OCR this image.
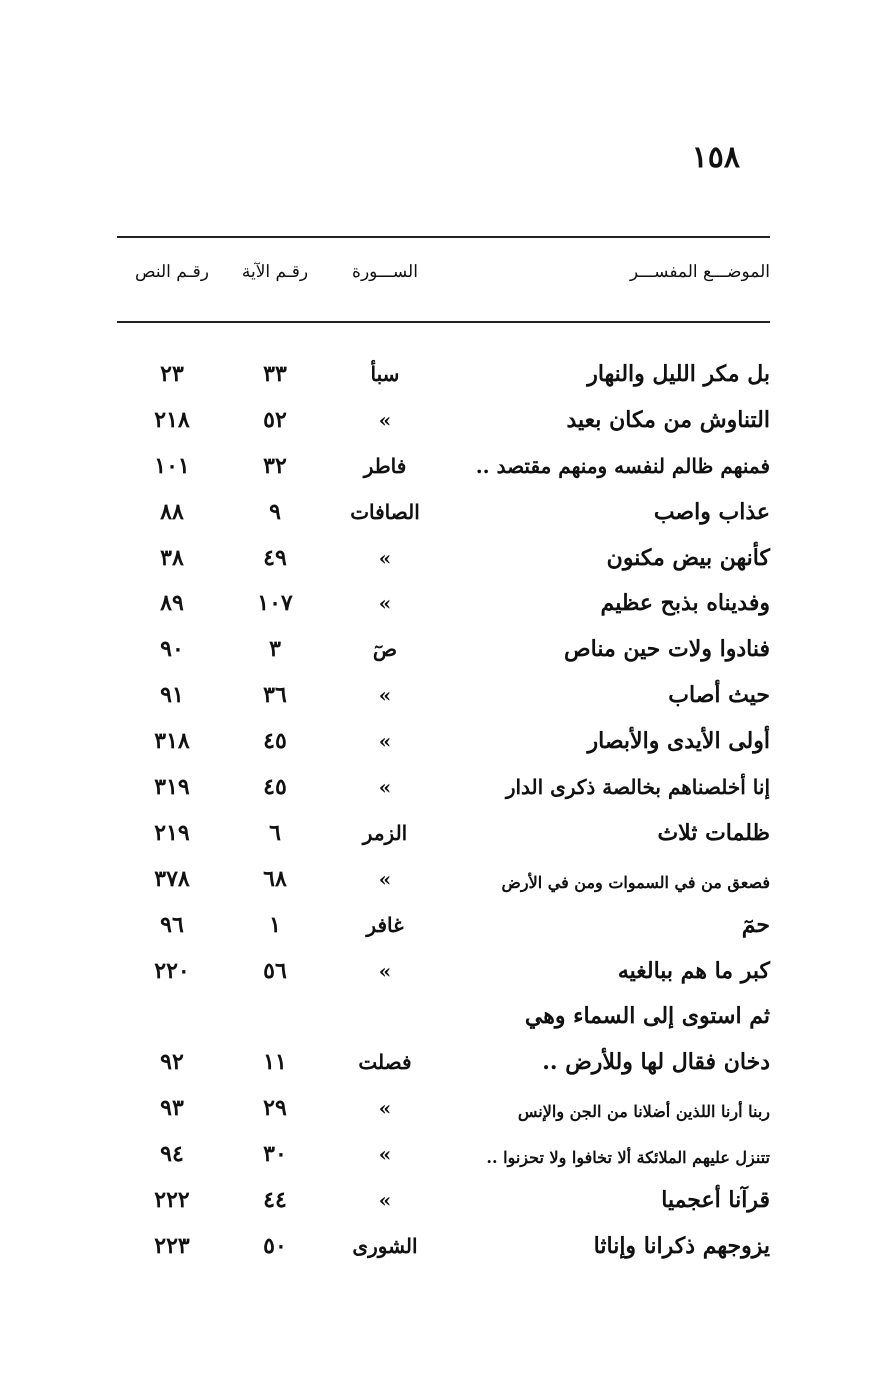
١٥٨
الموضـــع المفســـر
الســـورة
رقـم الآية
رقـم النص
بل مكر الليل والنهار
سبأ
٣٣
٢٣
التناوش من مكان بعيد
»
٥٢
٢١٨
فمنهم ظالم لنفسه ومنهم مقتصد ..
فاطر
٣٢
١٠١
عذاب واصب
الصافات
٩
٨٨
كأنهن بيض مكنون
»
٤٩
٣٨
وفديناه بذبح عظيم
»
١٠٧
٨٩
فنادوا ولات حين مناص
صٓ
٣
٩٠
حيث أصاب
»
٣٦
٩١
أولى الأيدى والأبصار
»
٤٥
٣١٨
إنا أخلصناهم بخالصة ذكرى الدار
»
٤٥
٣١٩
ظلمات ثلاث
الزمر
٦
٢١٩
فصعق من في السموات ومن في الأرض
»
٦٨
٣٧٨
حمٓ
غافر
١
٩٦
كبر ما هم ببالغيه
»
٥٦
٢٢٠
ثم استوى إلى السماء وهي
دخان فقال لها وللأرض ..
فصلت
١١
٩٢
ربنا أرنا اللذين أضلانا من الجن والإنس
»
٢٩
٩٣
تتنزل عليهم الملائكة ألا تخافوا ولا تحزنوا ..
»
٣٠
٩٤
قرآنا أعجميا
»
٤٤
٢٢٢
يزوجهم ذكرانا وإناثا
الشورى
٥٠
٢٢٣
